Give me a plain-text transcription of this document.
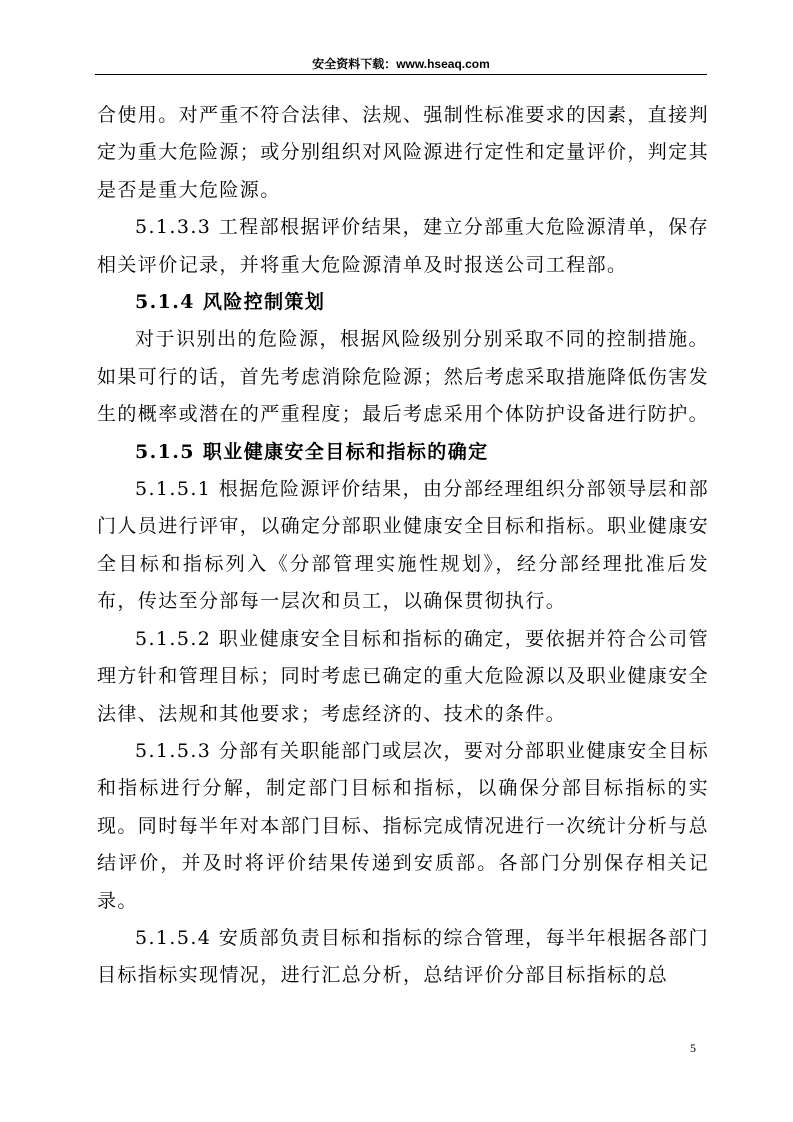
安全资料下载：www.hseaq.com

合使用。对严重不符合法律、法规、强制性标准要求的因素，直接判定为重大危险源；或分别组织对风险源进行定性和定量评价，判定其是否是重大危险源。

5.1.3.3 工程部根据评价结果，建立分部重大危险源清单，保存相关评价记录，并将重大危险源清单及时报送公司工程部。

5.1.4 风险控制策划

对于识别出的危险源，根据风险级别分别采取不同的控制措施。如果可行的话，首先考虑消除危险源；然后考虑采取措施降低伤害发生的概率或潜在的严重程度；最后考虑采用个体防护设备进行防护。

5.1.5 职业健康安全目标和指标的确定

5.1.5.1 根据危险源评价结果，由分部经理组织分部领导层和部门人员进行评审，以确定分部职业健康安全目标和指标。职业健康安全目标和指标列入《分部管理实施性规划》，经分部经理批准后发布，传达至分部每一层次和员工，以确保贯彻执行。

5.1.5.2 职业健康安全目标和指标的确定，要依据并符合公司管理方针和管理目标；同时考虑已确定的重大危险源以及职业健康安全法律、法规和其他要求；考虑经济的、技术的条件。

5.1.5.3 分部有关职能部门或层次，要对分部职业健康安全目标和指标进行分解，制定部门目标和指标，以确保分部目标指标的实现。同时每半年对本部门目标、指标完成情况进行一次统计分析与总结评价，并及时将评价结果传递到安质部。各部门分别保存相关记录。

5.1.5.4 安质部负责目标和指标的综合管理，每半年根据各部门目标指标实现情况，进行汇总分析，总结评价分部目标指标的总

5
